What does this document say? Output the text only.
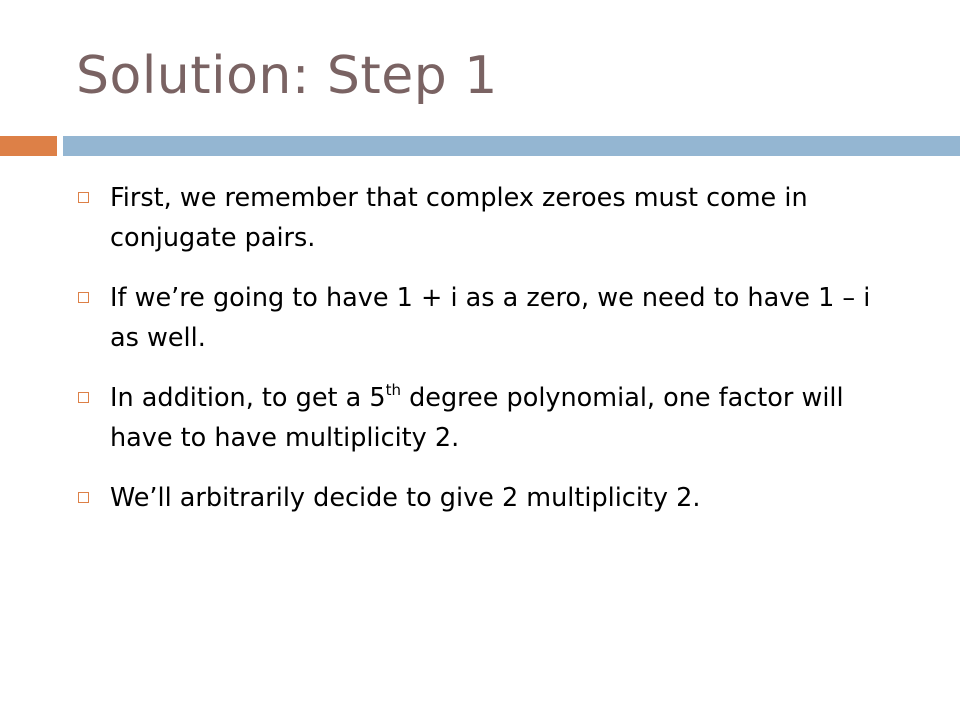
Solution: Step 1
First, we remember that complex zeroes must come in conjugate pairs.
If we’re going to have 1 + i as a zero, we need to have 1 – i as well.
In addition, to get a 5th degree polynomial, one factor will have to have multiplicity 2.
We’ll arbitrarily decide to give 2 multiplicity 2.
